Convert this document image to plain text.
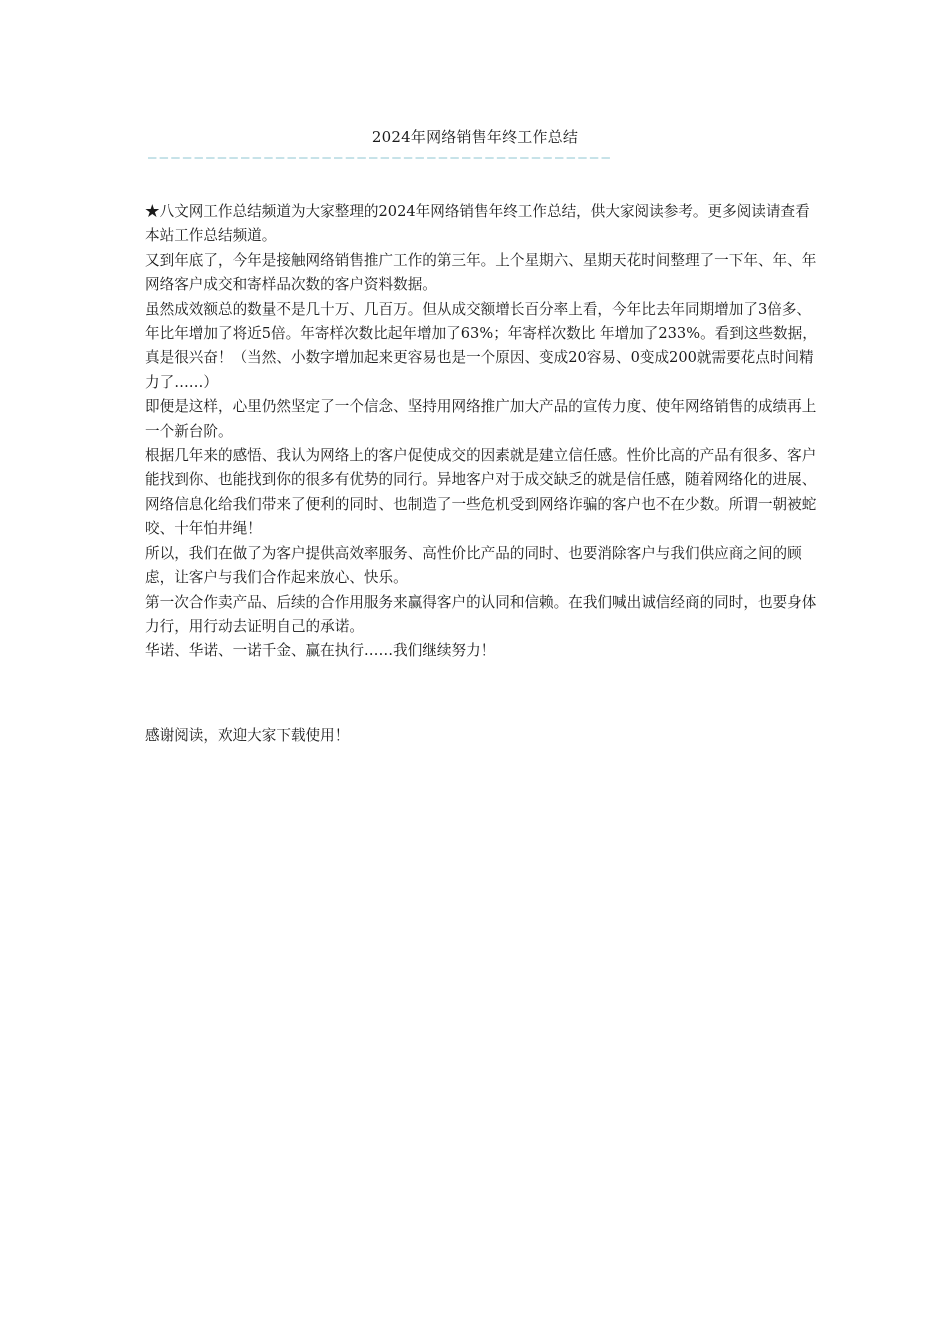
2024年网络销售年终工作总结
————————————————————————————————————————

★八文网工作总结频道为大家整理的2024年网络销售年终工作总结，供大家阅读参考。更多阅读请查看本站工作总结频道。

又到年底了，今年是接触网络销售推广工作的第三年。上个星期六、星期天花时间整理了一下年、年、年网络客户成交和寄样品次数的客户资料数据。

虽然成效额总的数量不是几十万、几百万。但从成交额增长百分率上看，今年比去年同期增加了3倍多、年比年增加了将近5倍。年寄样次数比起年增加了63%；年寄样次数比 年增加了233%。看到这些数据，真是很兴奋！（当然、小数字增加起来更容易也是一个原因、变成20容易、0变成200就需要花点时间精力了……）

即便是这样，心里仍然坚定了一个信念、坚持用网络推广加大产品的宣传力度、使年网络销售的成绩再上一个新台阶。

根据几年来的感悟、我认为网络上的客户促使成交的因素就是建立信任感。性价比高的产品有很多、客户能找到你、也能找到你的很多有优势的同行。异地客户对于成交缺乏的就是信任感，随着网络化的进展、网络信息化给我们带来了便利的同时、也制造了一些危机受到网络诈骗的客户也不在少数。所谓一朝被蛇咬、十年怕井绳！

所以，我们在做了为客户提供高效率服务、高性价比产品的同时、也要消除客户与我们供应商之间的顾虑，让客户与我们合作起来放心、快乐。

第一次合作卖产品、后续的合作用服务来赢得客户的认同和信赖。在我们喊出诚信经商的同时，也要身体力行，用行动去证明自己的承诺。

华诺、华诺、一诺千金、赢在执行……我们继续努力！

感谢阅读，欢迎大家下载使用！
